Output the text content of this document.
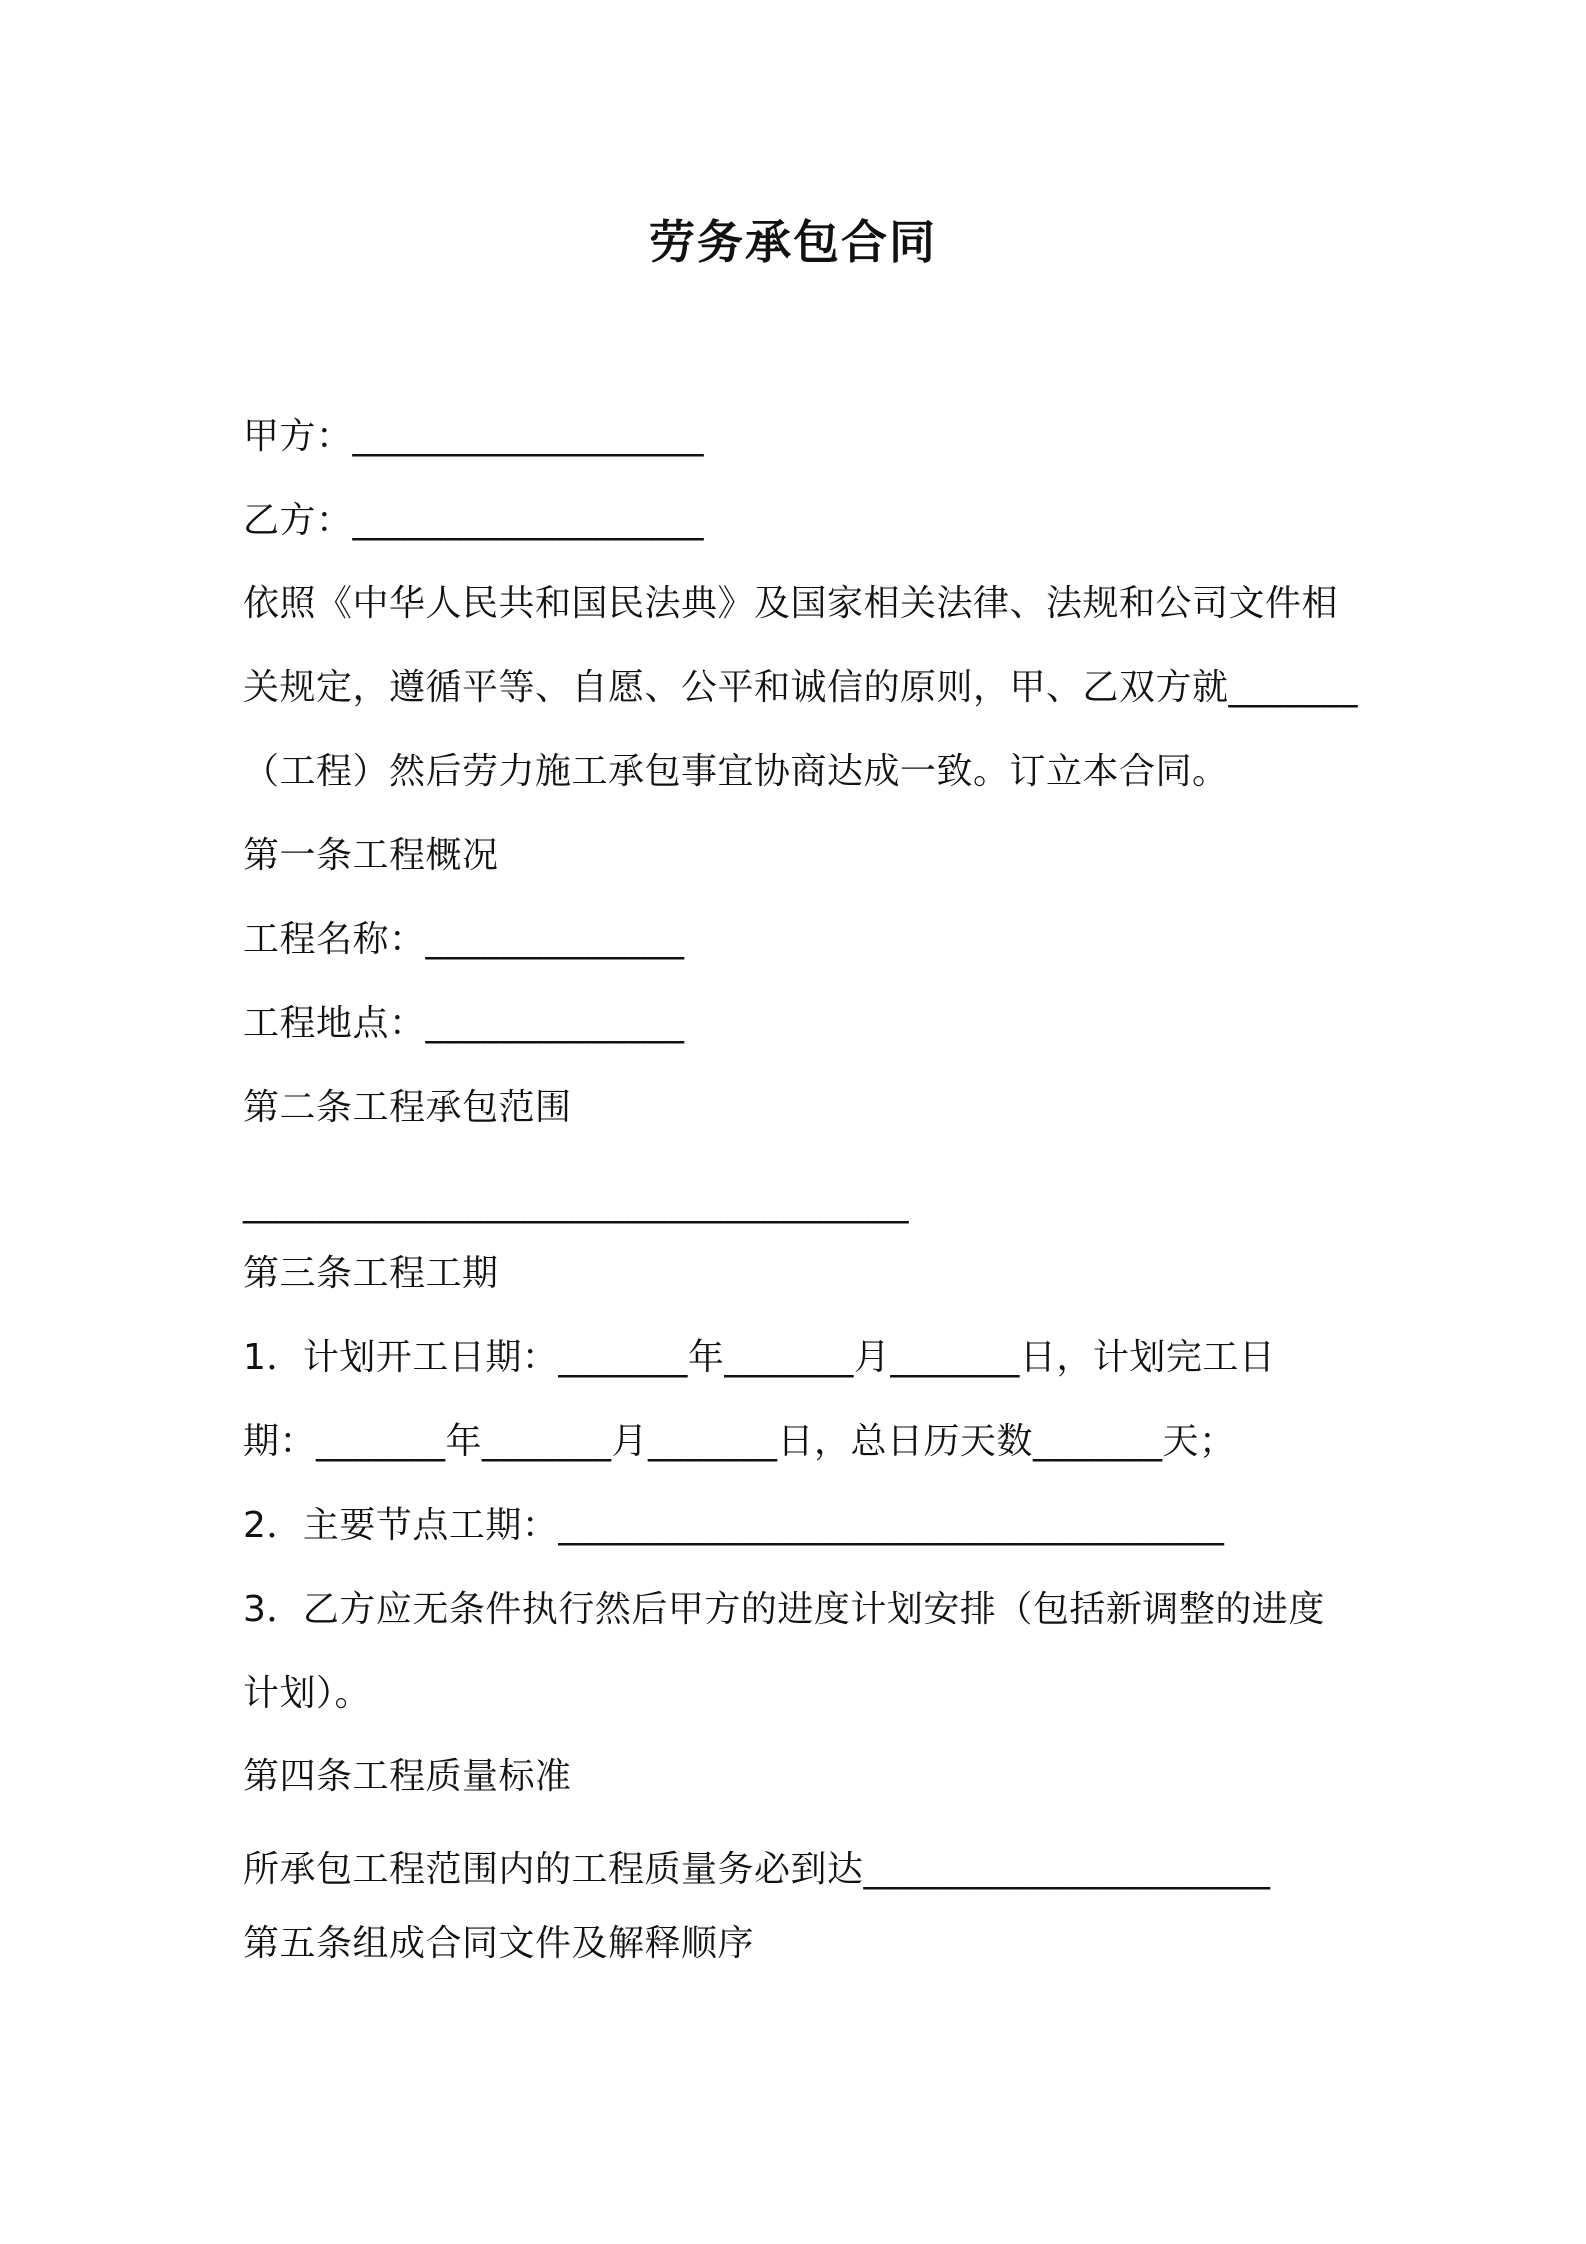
劳务承包合同
甲方：___________________
乙方：___________________
依照《中华人民共和国民法典》及国家相关法律、法规和公司文件相
关规定，遵循平等、自愿、公平和诚信的原则，甲、乙双方就_______
（工程）然后劳力施工承包事宜协商达成一致。订立本合同。
第一条工程概况
工程名称：______________
工程地点：______________
第二条工程承包范围
____________________________________
第三条工程工期
1．计划开工日期：_______年_______月_______日，计划完工日
期：_______年_______月_______日，总日历天数_______天；
2．主要节点工期：____________________________________
3．乙方应无条件执行然后甲方的进度计划安排（包括新调整的进度
计划）。
第四条工程质量标准
所承包工程范围内的工程质量务必到达______________________
第五条组成合同文件及解释顺序
